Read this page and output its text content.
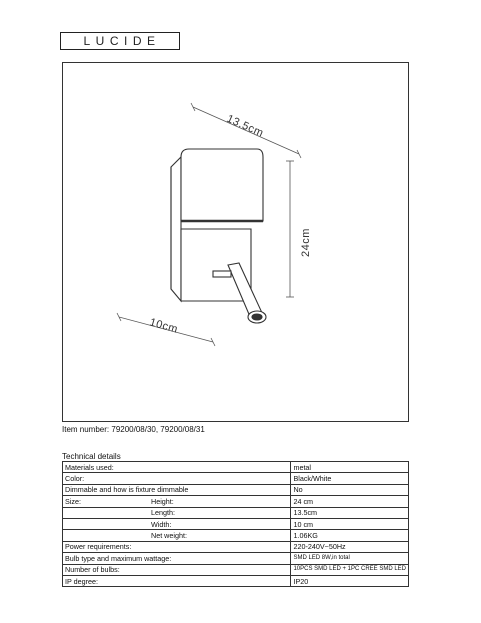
LUCIDE
13.5cm
24cm
10cm
Item number: 79200/08/30, 79200/08/31
Technical details
Materials used:	metal
Color:	Black/White
Dimmable and how is fixture dimmable	No

Size: Height:	24 cm
Length:	13.5cm
Width:	10 cm
Net weight:	1.06KG
Power requirements:	220-240V~50Hz
Bulb type and maximum wattage:	SMD LED 8W,in total
Number of bulbs:	10PCS SMD LED + 1PC CREE SMD LED
IP degree:	IP20
